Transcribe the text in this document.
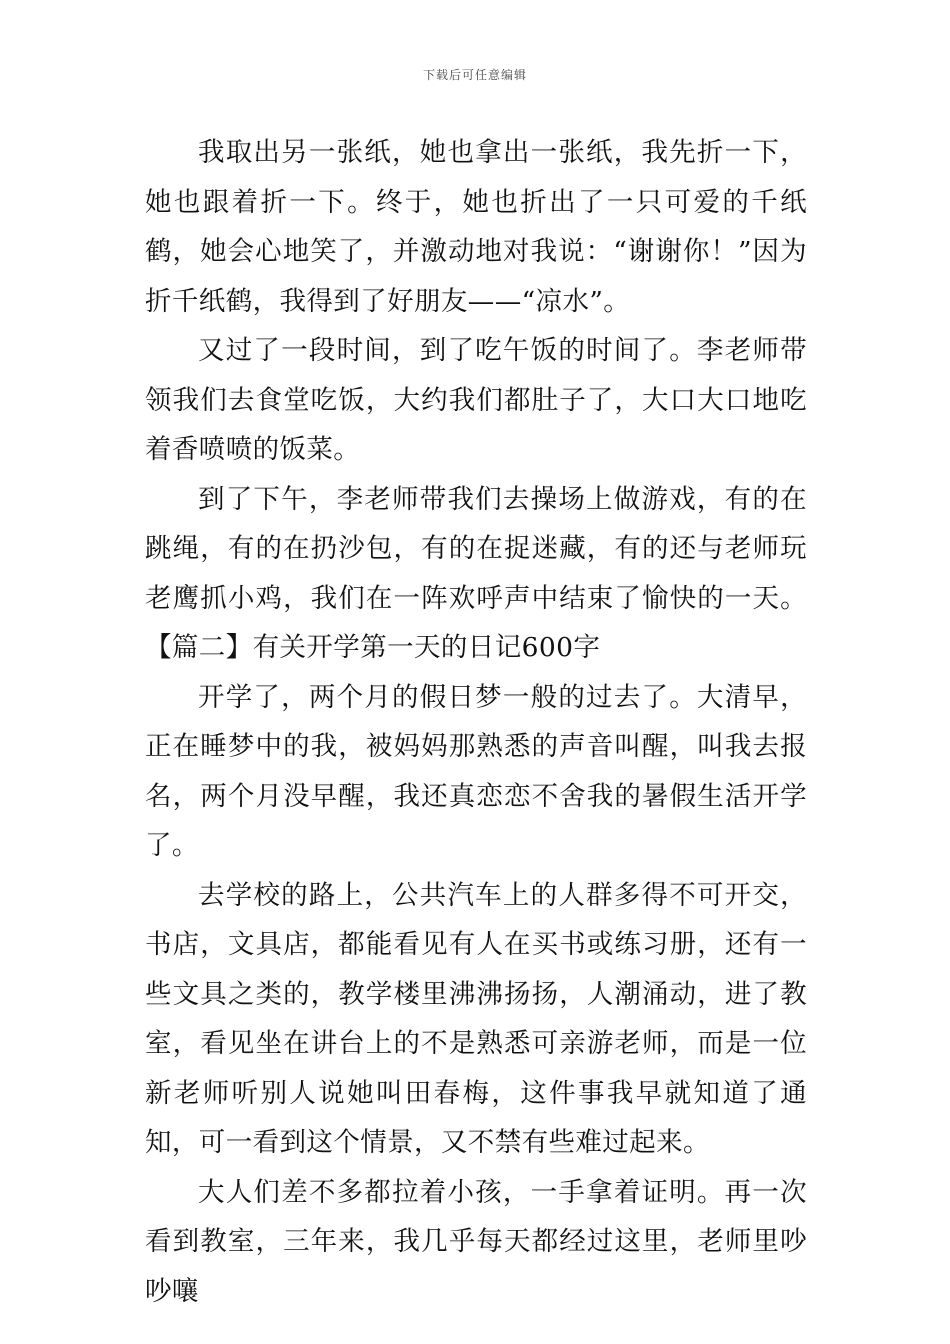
下载后可任意编辑

我取出另一张纸，她也拿出一张纸，我先折一下，她也跟着折一下。终于，她也折出了一只可爱的千纸鹤，她会心地笑了，并激动地对我说：“谢谢你！”因为折千纸鹤，我得到了好朋友——“凉水”。

又过了一段时间，到了吃午饭的时间了。李老师带领我们去食堂吃饭，大约我们都肚子了，大口大口地吃着香喷喷的饭菜。

到了下午，李老师带我们去操场上做游戏，有的在跳绳，有的在扔沙包，有的在捉迷藏，有的还与老师玩老鹰抓小鸡，我们在一阵欢呼声中结束了愉快的一天。【篇二】有关开学第一天的日记600字

开学了，两个月的假日梦一般的过去了。大清早，正在睡梦中的我，被妈妈那熟悉的声音叫醒，叫我去报名，两个月没早醒，我还真恋恋不舍我的暑假生活开学了。

去学校的路上，公共汽车上的人群多得不可开交，书店，文具店，都能看见有人在买书或练习册，还有一些文具之类的，教学楼里沸沸扬扬，人潮涌动，进了教室，看见坐在讲台上的不是熟悉可亲游老师，而是一位新老师听别人说她叫田春梅，这件事我早就知道了通知，可一看到这个情景，又不禁有些难过起来。

大人们差不多都拉着小孩，一手拿着证明。再一次看到教室，三年来，我几乎每天都经过这里，老师里吵吵嚷
